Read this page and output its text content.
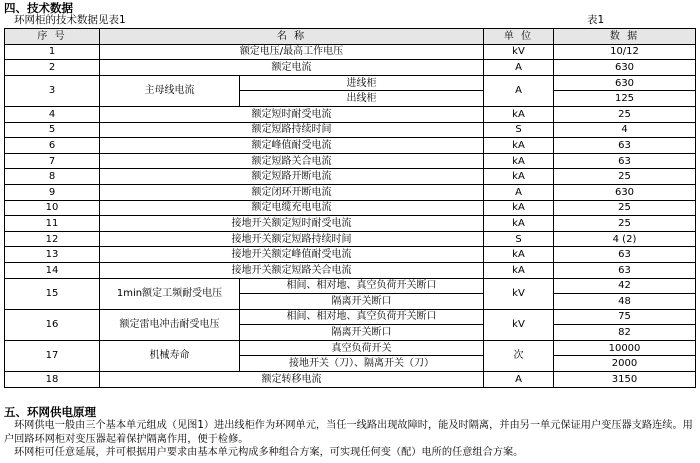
四、技术数据
环网柜的技术数据见表1	表1
序 号	名 称		单 位	数 据
1	额定电压/最高工作电压		kV	10/12
2	额定电流		A	630
3	主母线电流	进线柜	A	630
		出线柜		125
4	额定短时耐受电流		kA	25
5	额定短路持续时间		S	4
6	额定峰值耐受电流		kA	63
7	额定短路关合电流		kA	63
8	额定短路开断电流		kA	25
9	额定闭环开断电流		A	630
10	额定电缆充电电流		kA	25
11	接地开关额定短时耐受电流		kA	25
12	接地开关额定短路持续时间		S	4 (2)
13	接地开关额定峰值耐受电流		kA	63
14	接地开关额定短路关合电流		kA	63
15	1min额定工频耐受电压	相间、相对地、真空负荷开关断口	kV	42
		隔离开关断口		48
16	额定雷电冲击耐受电压	相间、相对地、真空负荷开关断口	kV	75
		隔离开关断口		82
17	机械寿命	真空负荷开关	次	10000
		接地开关（刀）、隔离开关（刀）		2000
18	额定转移电流		A	3150
五、环网供电原理
环网供电一般由三个基本单元组成（见图1）进出线柜作为环网单元，当任一线路出现故障时，能及时隔离，并由另一单元保证用户变压器支路连续。用户回路环网柜对变压器起着保护隔离作用，便于检修。
环网柜可任意延展，并可根据用户要求由基本单元构成多种组合方案，可实现任何变（配）电所的任意组合方案。
